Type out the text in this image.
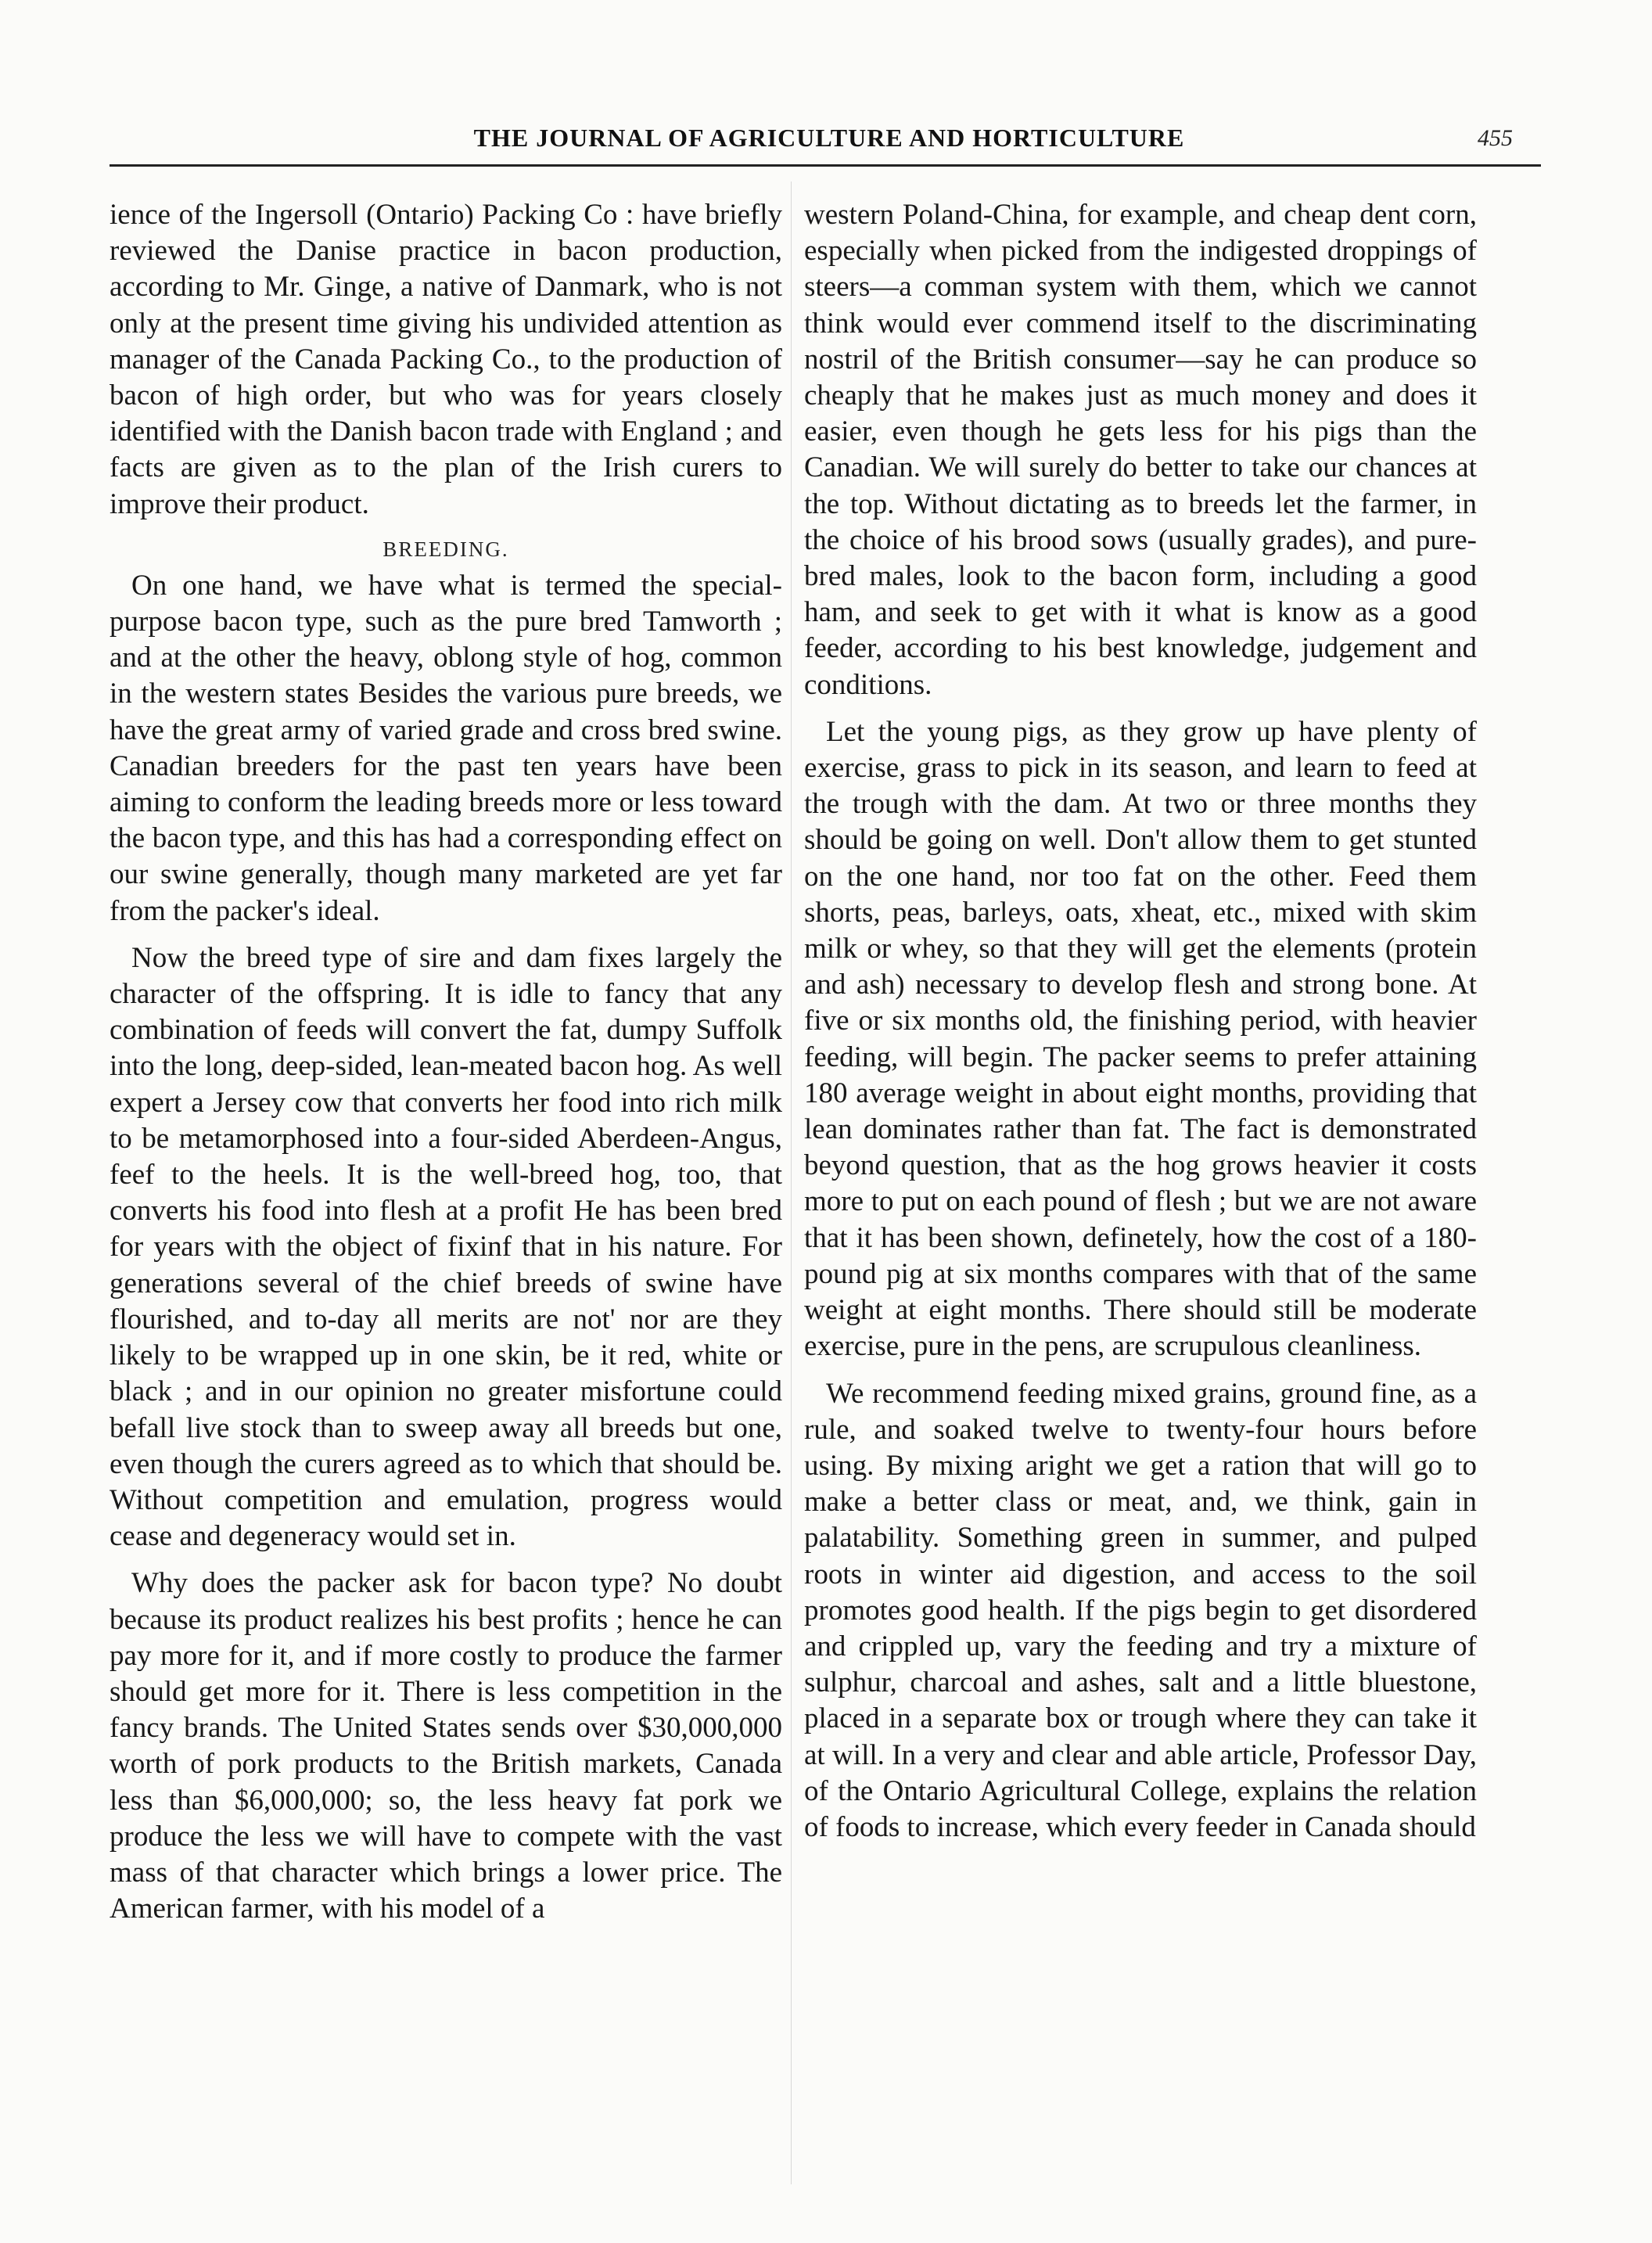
THE JOURNAL OF AGRICULTURE AND HORTICULTURE	455

ience of the Ingersoll (Ontario) Packing Co : have briefly reviewed the Danise practice in bacon production, according to Mr. Ginge, a native of Danmark, who is not only at the present time giving his undivided attention as manager of the Canada Packing Co., to the production of bacon of high order, but who was for years closely identified with the Danish bacon trade with England ; and facts are given as to the plan of the Irish curers to improve their product.

BREEDING.

On one hand, we have what is termed the special-purpose bacon type, such as the pure bred Tamworth ; and at the other the heavy, oblong style of hog, common in the western states Besides the various pure breeds, we have the great army of varied grade and cross bred swine. Canadian breeders for the past ten years have been aiming to conform the leading breeds more or less toward the bacon type, and this has had a corresponding effect on our swine generally, though many marketed are yet far from the packer's ideal.

Now the breed type of sire and dam fixes largely the character of the offspring. It is idle to fancy that any combination of feeds will convert the fat, dumpy Suffolk into the long, deep-sided, lean-meated bacon hog. As well expert a Jersey cow that converts her food into rich milk to be metamorphosed into a four-sided Aberdeen-Angus, feef to the heels. It is the well-breed hog, too, that converts his food into flesh at a profit He has been bred for years with the object of fixinf that in his nature. For generations several of the chief breeds of swine have flourished, and to-day all merits are not' nor are they likely to be wrapped up in one skin, be it red, white or black ; and in our opinion no greater misfortune could befall live stock than to sweep away all breeds but one, even though the curers agreed as to which that should be. Without competition and emulation, progress would cease and degeneracy would set in.

Why does the packer ask for bacon type? No doubt because its product realizes his best profits ; hence he can pay more for it, and if more costly to produce the farmer should get more for it. There is less competition in the fancy brands. The United States sends over $30,000,000 worth of pork products to the British markets, Canada less than $6,000,000; so, the less heavy fat pork we produce the less we will have to compete with the vast mass of that character which brings a lower price. The American farmer, with his model of a

western Poland-China, for example, and cheap dent corn, especially when picked from the indigested droppings of steers—a comman system with them, which we cannot think would ever commend itself to the discriminating nostril of the British consumer—say he can produce so cheaply that he makes just as much money and does it easier, even though he gets less for his pigs than the Canadian. We will surely do better to take our chances at the top. Without dictating as to breeds let the farmer, in the choice of his brood sows (usually grades), and pure-bred males, look to the bacon form, including a good ham, and seek to get with it what is know as a good feeder, according to his best knowledge, judgement and conditions.

Let the young pigs, as they grow up have plenty of exercise, grass to pick in its season, and learn to feed at the trough with the dam. At two or three months they should be going on well. Don't allow them to get stunted on the one hand, nor too fat on the other. Feed them shorts, peas, barleys, oats, xheat, etc., mixed with skim milk or whey, so that they will get the elements (protein and ash) necessary to develop flesh and strong bone. At five or six months old, the finishing period, with heavier feeding, will begin. The packer seems to prefer attaining 180 average weight in about eight months, providing that lean dominates rather than fat. The fact is demonstrated beyond question, that as the hog grows heavier it costs more to put on each pound of flesh ; but we are not aware that it has been shown, definetely, how the cost of a 180-pound pig at six months compares with that of the same weight at eight months. There should still be moderate exercise, pure in the pens, are scrupulous cleanliness.

We recommend feeding mixed grains, ground fine, as a rule, and soaked twelve to twenty-four hours before using. By mixing aright we get a ration that will go to make a better class or meat, and, we think, gain in palatability. Something green in summer, and pulped roots in winter aid digestion, and access to the soil promotes good health. If the pigs begin to get disordered and crippled up, vary the feeding and try a mixture of sulphur, charcoal and ashes, salt and a little bluestone, placed in a separate box or trough where they can take it at will. In a very and clear and able article, Professor Day, of the Ontario Agricultural College, explains the relation of foods to increase, which every feeder in Canada should
